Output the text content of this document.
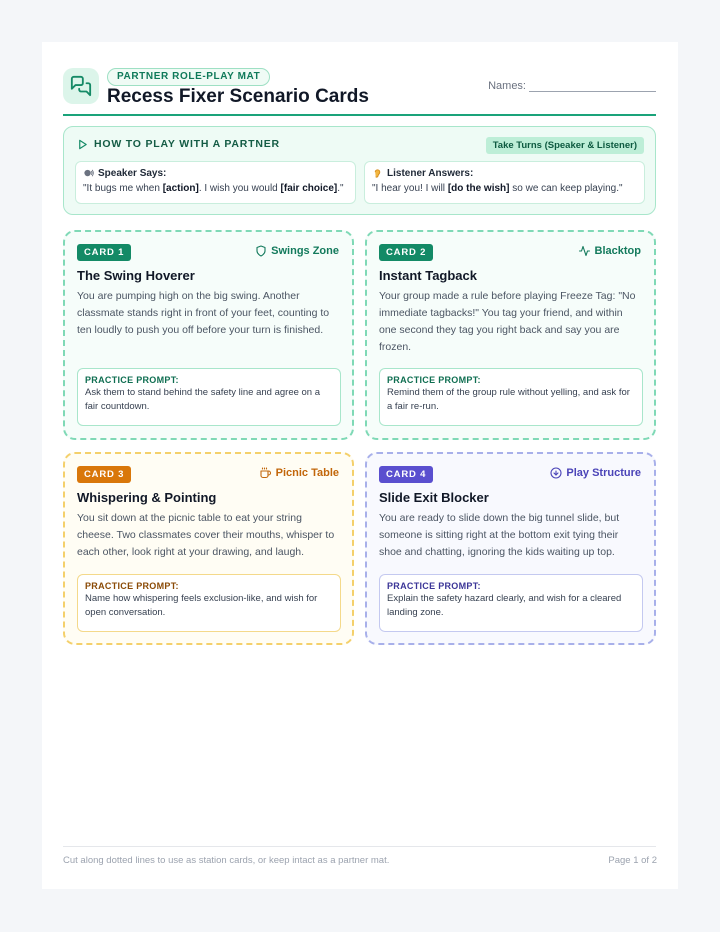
PARTNER ROLE-PLAY MAT
Recess Fixer Scenario Cards	Names:
HOW TO PLAY WITH A PARTNER	Take Turns (Speaker & Listener)
Speaker Says:
"It bugs me when [action]. I wish you would [fair choice]."
Listener Answers:
"I hear you! I will [do the wish] so we can keep playing."
CARD 1	Swings Zone
The Swing Hoverer
You are pumping high on the big swing. Another classmate stands right in front of your feet, counting to ten loudly to push you off before your turn is finished.
PRACTICE PROMPT:
Ask them to stand behind the safety line and agree on a fair countdown.
CARD 2	Blacktop
Instant Tagback
Your group made a rule before playing Freeze Tag: "No immediate tagbacks!" You tag your friend, and within one second they tag you right back and say you are frozen.
PRACTICE PROMPT:
Remind them of the group rule without yelling, and ask for a fair re-run.
CARD 3	Picnic Table
Whispering & Pointing
You sit down at the picnic table to eat your string cheese. Two classmates cover their mouths, whisper to each other, look right at your drawing, and laugh.
PRACTICE PROMPT:
Name how whispering feels exclusion-like, and wish for open conversation.
CARD 4	Play Structure
Slide Exit Blocker
You are ready to slide down the big tunnel slide, but someone is sitting right at the bottom exit tying their shoe and chatting, ignoring the kids waiting up top.
PRACTICE PROMPT:
Explain the safety hazard clearly, and wish for a cleared landing zone.
Cut along dotted lines to use as station cards, or keep intact as a partner mat.	Page 1 of 2
